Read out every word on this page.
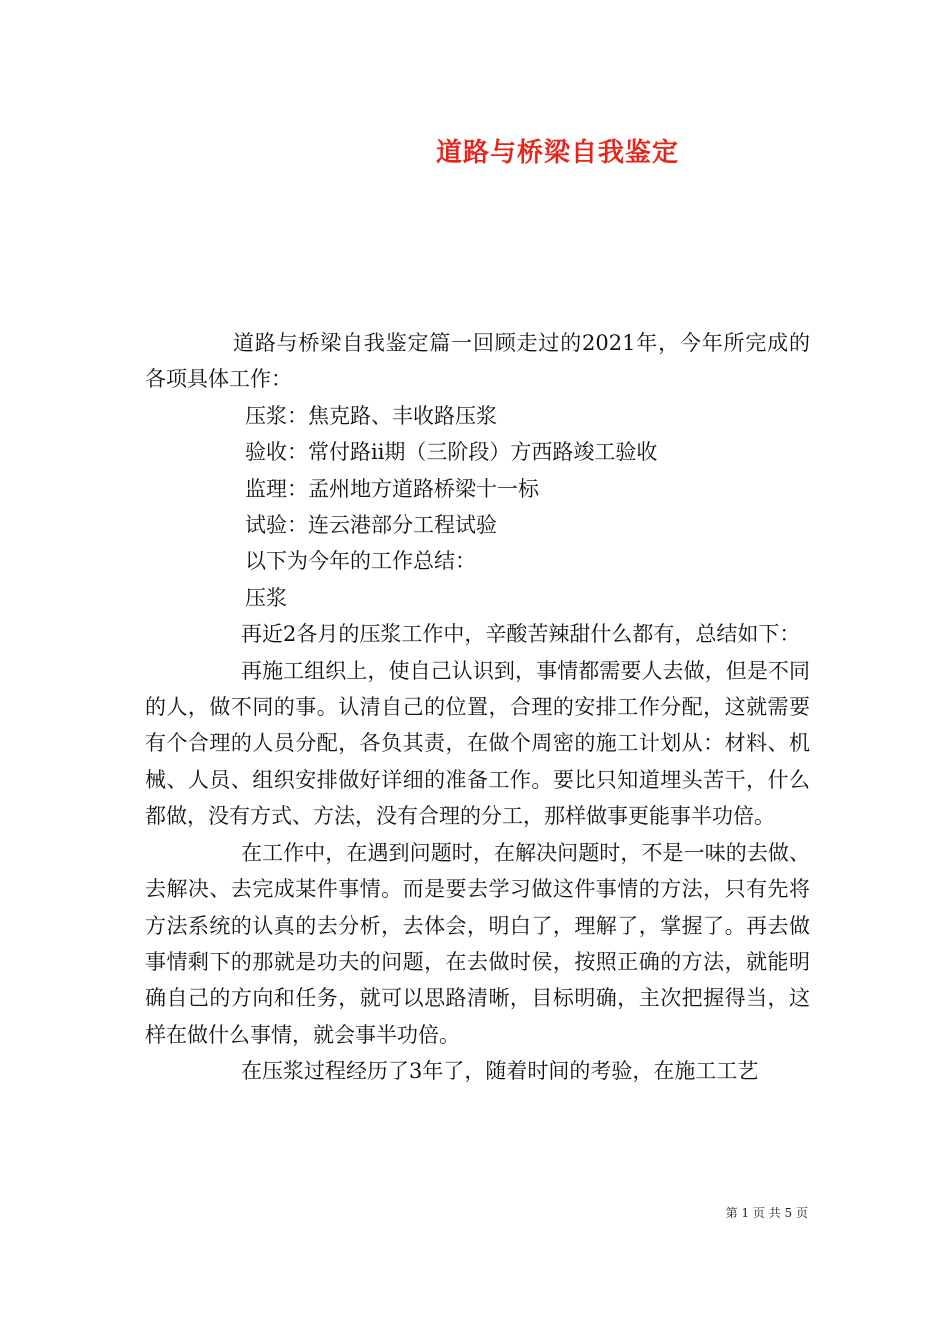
道路与桥梁自我鉴定

道路与桥梁自我鉴定篇一回顾走过的2021年，今年所完成的各项具体工作：

压浆：焦克路、丰收路压浆

验收：常付路ii期（三阶段）方西路竣工验收

监理：孟州地方道路桥梁十一标

试验：连云港部分工程试验

以下为今年的工作总结：

压浆

再近2各月的压浆工作中，辛酸苦辣甜什么都有，总结如下：

再施工组织上，使自己认识到，事情都需要人去做，但是不同的人，做不同的事。认清自己的位置，合理的安排工作分配，这就需要有个合理的人员分配，各负其责，在做个周密的施工计划从：材料、机械、人员、组织安排做好详细的准备工作。要比只知道埋头苦干，什么都做，没有方式、方法，没有合理的分工，那样做事更能事半功倍。

在工作中，在遇到问题时，在解决问题时，不是一味的去做、去解决、去完成某件事情。而是要去学习做这件事情的方法，只有先将方法系统的认真的去分析，去体会，明白了，理解了，掌握了。再去做事情剩下的那就是功夫的问题，在去做时侯，按照正确的方法，就能明确自己的方向和任务，就可以思路清晰，目标明确，主次把握得当，这样在做什么事情，就会事半功倍。

在压浆过程经历了3年了，随着时间的考验，在施工工艺

第 1 页 共 5 页
